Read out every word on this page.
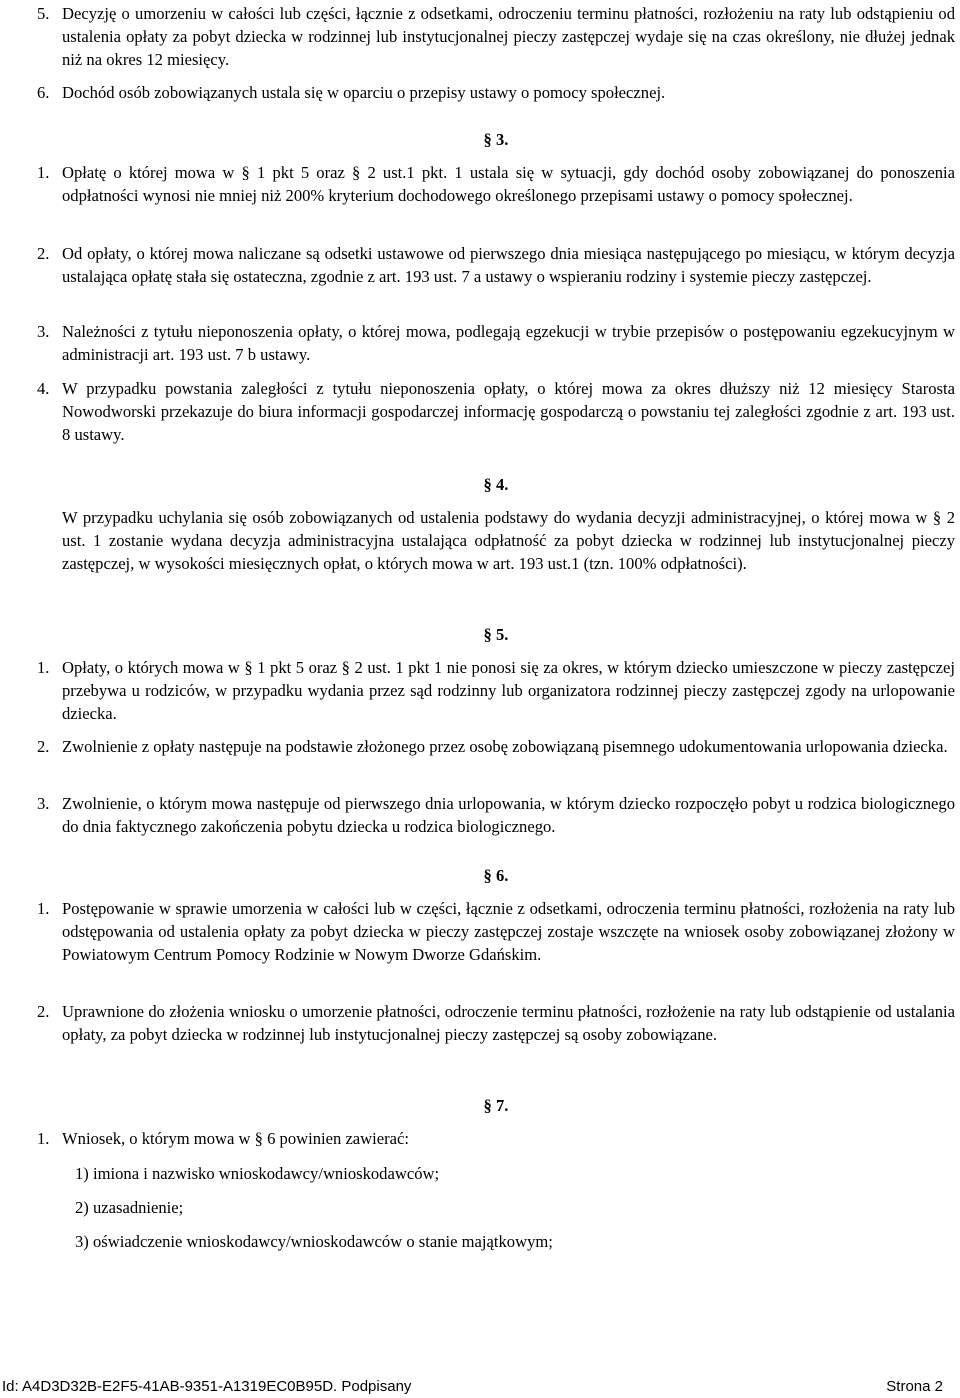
5. Decyzję o umorzeniu w całości lub części, łącznie z odsetkami, odroczeniu terminu płatności, rozłożeniu na raty lub odstąpieniu od ustalenia opłaty za pobyt dziecka w rodzinnej lub instytucjonalnej pieczy zastępczej wydaje się na czas określony, nie dłużej jednak niż na okres 12 miesięcy.
6. Dochód osób zobowiązanych ustala się w oparciu o przepisy ustawy o pomocy społecznej.
§ 3.
1. Opłatę o której mowa w § 1 pkt 5 oraz § 2 ust.1 pkt. 1 ustala się w sytuacji, gdy dochód osoby zobowiązanej do ponoszenia odpłatności wynosi nie mniej niż 200% kryterium dochodowego określonego przepisami ustawy o pomocy społecznej.
2. Od opłaty, o której mowa naliczane są odsetki ustawowe od pierwszego dnia miesiąca następującego po miesiącu, w którym decyzja ustalająca opłatę stała się ostateczna, zgodnie z art. 193 ust. 7 a ustawy o wspieraniu rodziny i systemie pieczy zastępczej.
3. Należności z tytułu nieponoszenia opłaty, o której mowa, podlegają egzekucji w trybie przepisów o postępowaniu egzekucyjnym w administracji art. 193 ust. 7 b ustawy.
4. W przypadku powstania zaległości z tytułu nieponoszenia opłaty, o której mowa za okres dłuższy niż 12 miesięcy Starosta Nowodworski przekazuje do biura informacji gospodarczej informację gospodarczą o powstaniu tej zaległości zgodnie z art. 193 ust. 8 ustawy.
§ 4.
W przypadku uchylania się osób zobowiązanych od ustalenia podstawy do wydania decyzji administracyjnej, o której mowa w § 2 ust. 1 zostanie wydana decyzja administracyjna ustalająca odpłatność za pobyt dziecka w rodzinnej lub instytucjonalnej pieczy zastępczej, w wysokości miesięcznych opłat, o których mowa w art. 193 ust.1 (tzn. 100% odpłatności).
§ 5.
1. Opłaty, o których mowa w § 1 pkt 5 oraz § 2 ust. 1 pkt 1 nie ponosi się za okres, w którym dziecko umieszczone w pieczy zastępczej przebywa u rodziców, w przypadku wydania przez sąd rodzinny lub organizatora rodzinnej pieczy zastępczej zgody na urlopowanie dziecka.
2. Zwolnienie z opłaty następuje na podstawie złożonego przez osobę zobowiązaną pisemnego udokumentowania urlopowania dziecka.
3. Zwolnienie, o którym mowa następuje od pierwszego dnia urlopowania, w którym dziecko rozpoczęło pobyt u rodzica biologicznego do dnia faktycznego zakończenia pobytu dziecka u rodzica biologicznego.
§ 6.
1. Postępowanie w sprawie umorzenia w całości lub w części, łącznie z odsetkami, odroczenia terminu płatności, rozłożenia na raty lub odstępowania od ustalenia opłaty za pobyt dziecka w pieczy zastępczej zostaje wszczęte na wniosek osoby zobowiązanej złożony w Powiatowym Centrum Pomocy Rodzinie w Nowym Dworze Gdańskim.
2. Uprawnione do złożenia wniosku o umorzenie płatności, odroczenie terminu płatności, rozłożenie na raty lub odstąpienie od ustalania opłaty, za pobyt dziecka w rodzinnej lub instytucjonalnej pieczy zastępczej są osoby zobowiązane.
§ 7.
1. Wniosek, o którym mowa w § 6 powinien zawierać:
1) imiona i nazwisko wnioskodawcy/wnioskodawców;
2) uzasadnienie;
3) oświadczenie wnioskodawcy/wnioskodawców o stanie majątkowym;
Id: A4D3D32B-E2F5-41AB-9351-A1319EC0B95D. Podpisany	Strona 2
